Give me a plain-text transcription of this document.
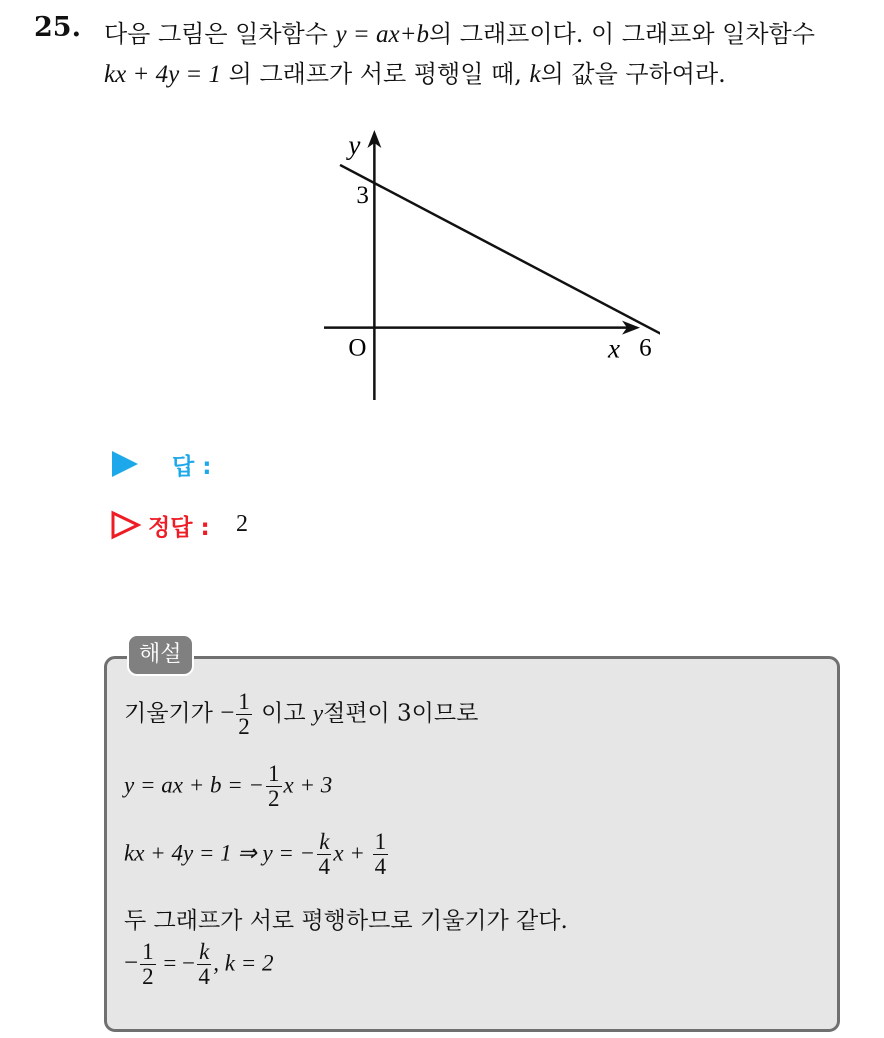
25. 다음 그림은 일차함수 y = ax+b의 그래프이다. 이 그래프와 일차함수
kx + 4y = 1 의 그래프가 서로 평행일 때, k의 값을 구하여라.
y
x
O
3
6
답 :
정답 : 2
해설
기울기가 − $\frac{1}{2}$ 이고 y절편이 3이므로
y = ax + b = − $\frac{1}{2}$ x + 3
kx + 4y = 1 ⇒ y = − $\frac{k}{4}$ $x + \frac{1}{4}$
두 그래프가 서로 평행하므로 기울기가 같다.
− $\frac{1}{2}$ = − $\frac{k}{4}$ , k = 2
